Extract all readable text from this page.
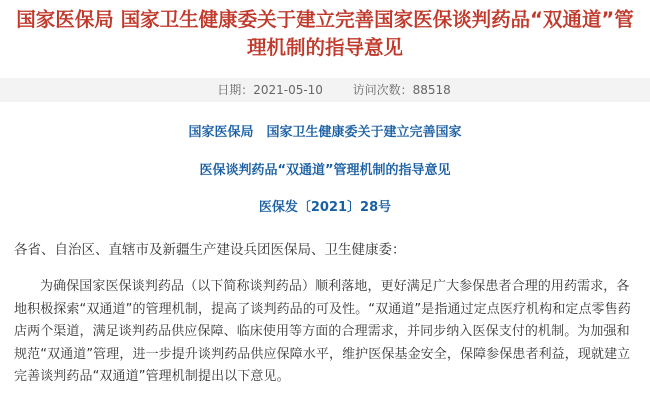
国家医保局 国家卫生健康委关于建立完善国家医保谈判药品“双通道”管理机制的指导意见
日期：2021-05-10 访问次数：88518

国家医保局　国家卫生健康委关于建立完善国家

医保谈判药品“双通道”管理机制的指导意见

医保发〔2021〕28号

各省、自治区、直辖市及新疆生产建设兵团医保局、卫生健康委：

为确保国家医保谈判药品（以下简称谈判药品）顺利落地，更好满足广大参保患者合理的用药需求，各地积极探索“双通道”的管理机制，提高了谈判药品的可及性。“双通道”是指通过定点医疗机构和定点零售药店两个渠道，满足谈判药品供应保障、临床使用等方面的合理需求，并同步纳入医保支付的机制。为加强和规范“双通道”管理，进一步提升谈判药品供应保障水平，维护医保基金安全，保障参保患者利益，现就建立完善谈判药品“双通道”管理机制提出以下意见。
